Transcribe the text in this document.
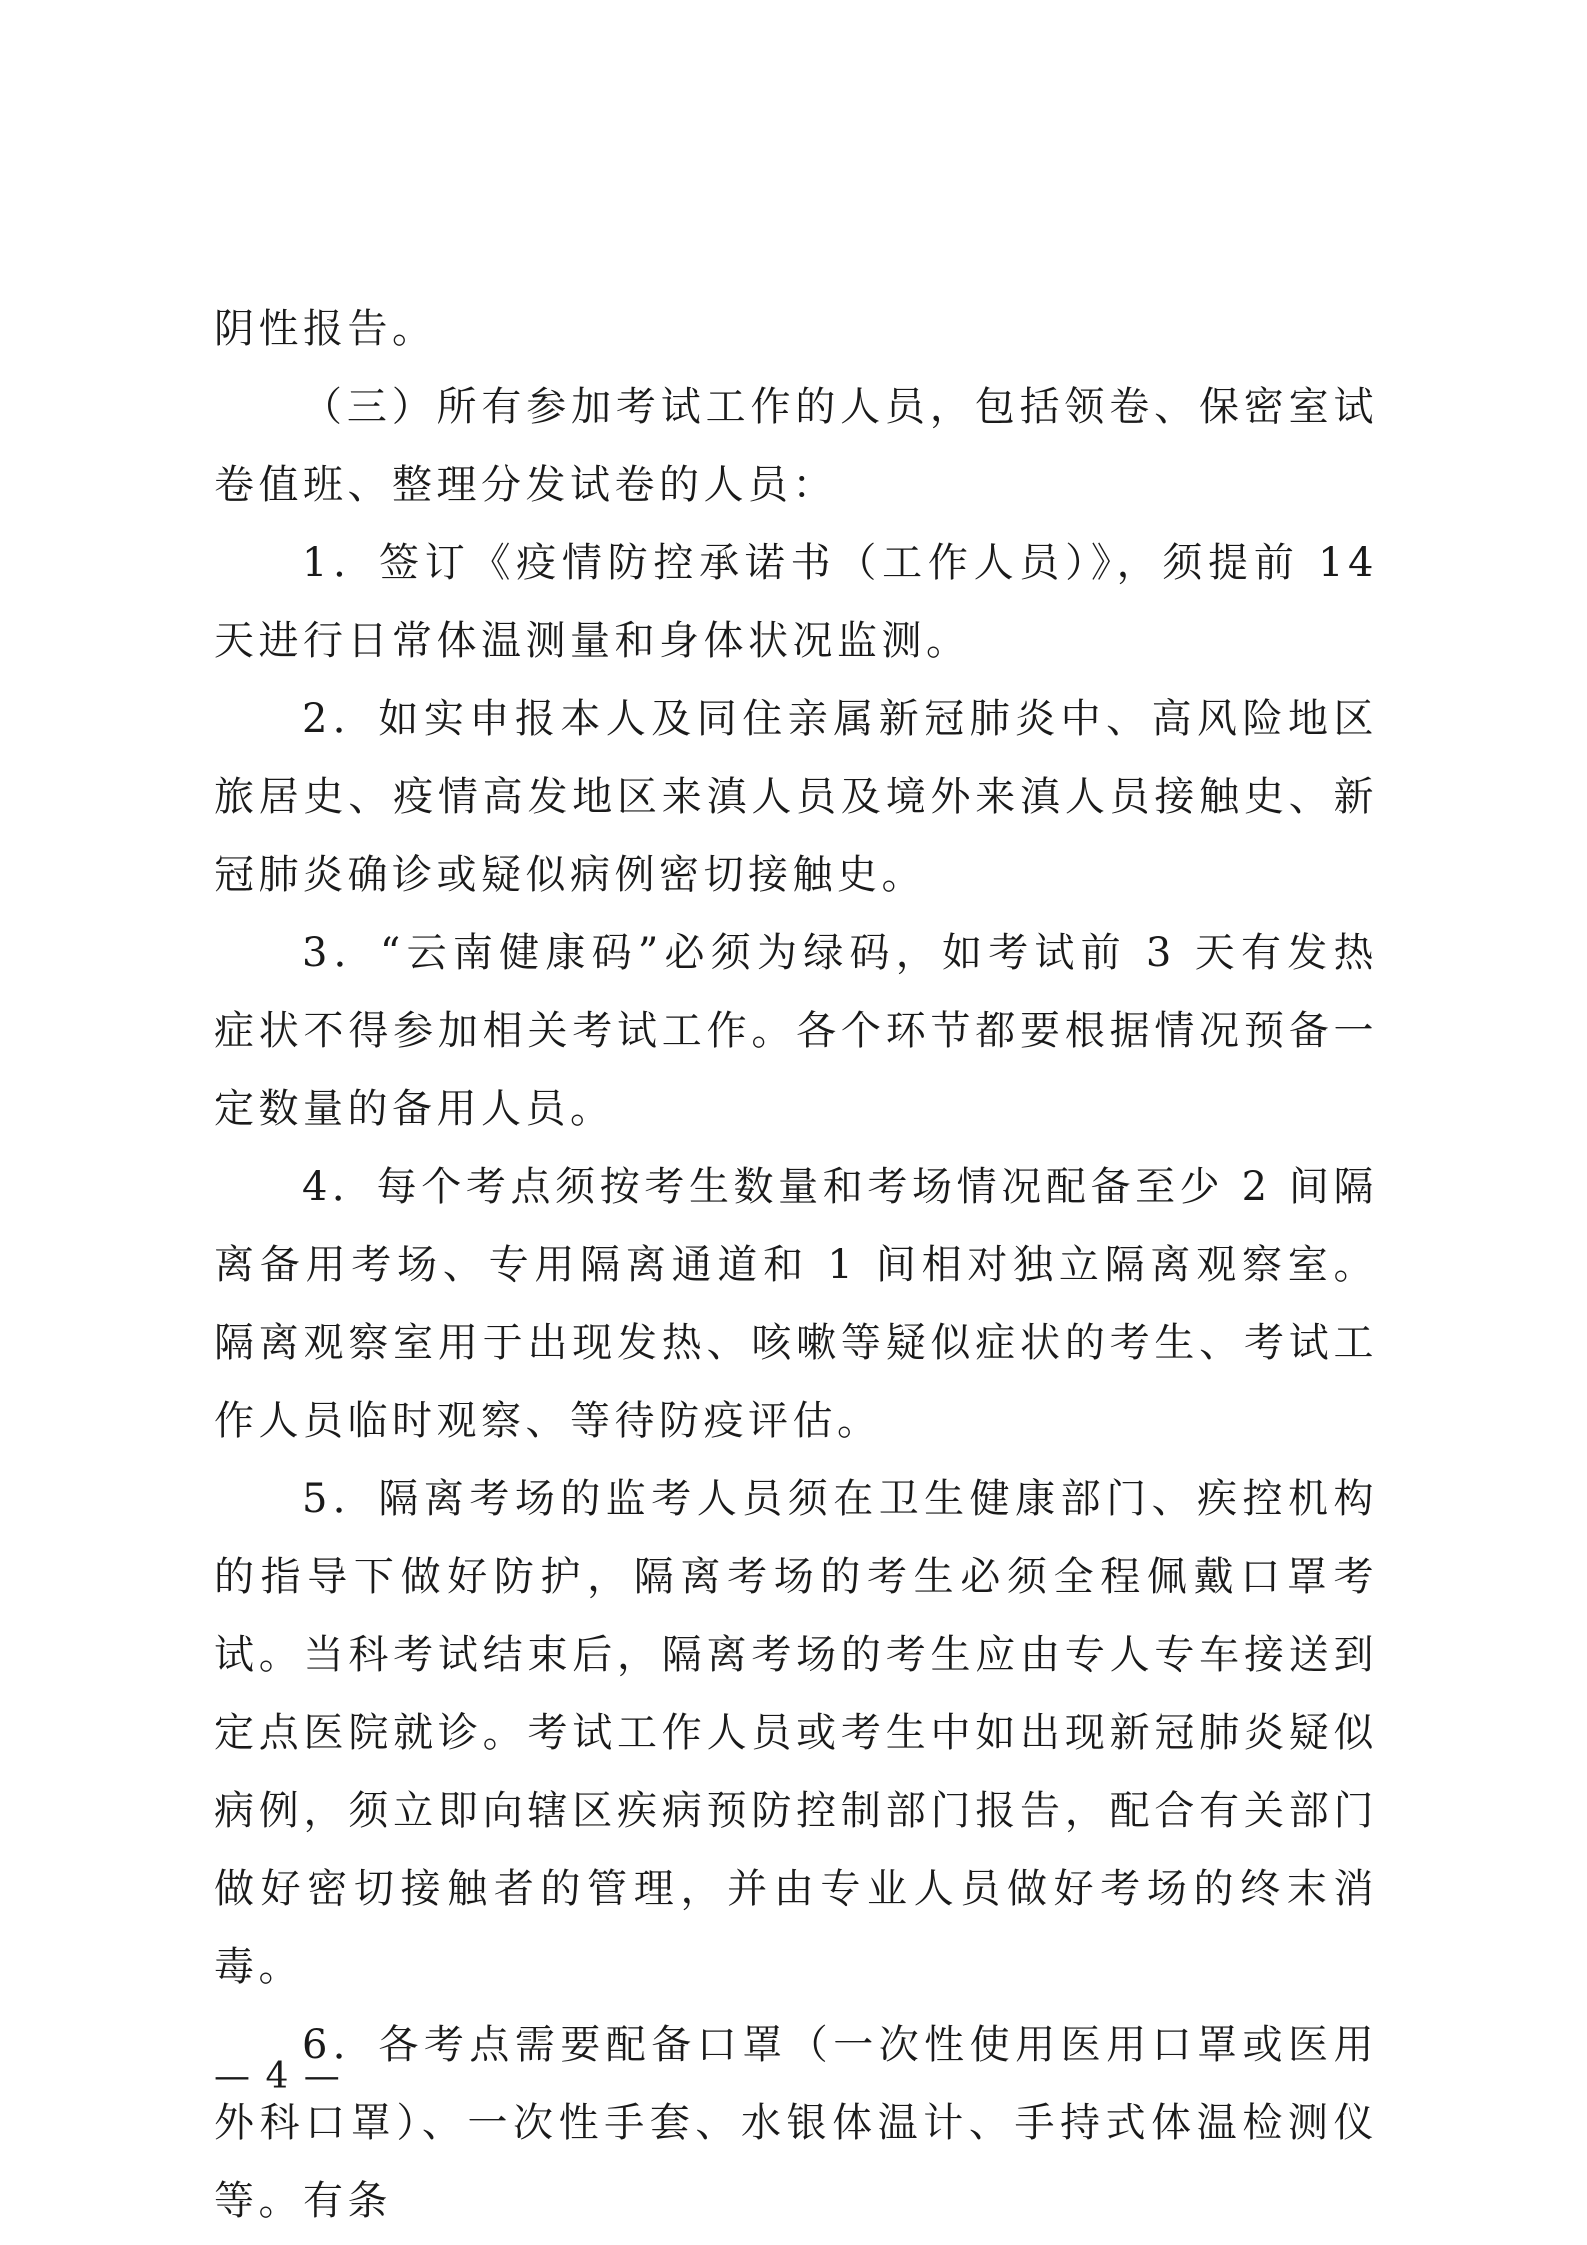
阴性报告。

（三）所有参加考试工作的人员，包括领卷、保密室试卷值班、整理分发试卷的人员：

1．签订《疫情防控承诺书（工作人员）》，须提前 14 天进行日常体温测量和身体状况监测。

2．如实申报本人及同住亲属新冠肺炎中、高风险地区旅居史、疫情高发地区来滇人员及境外来滇人员接触史、新冠肺炎确诊或疑似病例密切接触史。

3．“云南健康码”必须为绿码，如考试前 3 天有发热症状不得参加相关考试工作。各个环节都要根据情况预备一定数量的备用人员。

4．每个考点须按考生数量和考场情况配备至少 2 间隔离备用考场、专用隔离通道和 1 间相对独立隔离观察室。隔离观察室用于出现发热、咳嗽等疑似症状的考生、考试工作人员临时观察、等待防疫评估。

5．隔离考场的监考人员须在卫生健康部门、疾控机构的指导下做好防护，隔离考场的考生必须全程佩戴口罩考试。当科考试结束后，隔离考场的考生应由专人专车接送到定点医院就诊。考试工作人员或考生中如出现新冠肺炎疑似病例，须立即向辖区疾病预防控制部门报告，配合有关部门做好密切接触者的管理，并由专业人员做好考场的终末消毒。

6．各考点需要配备口罩（一次性使用医用口罩或医用外科口罩）、一次性手套、水银体温计、手持式体温检测仪等。有条

— 4 —
